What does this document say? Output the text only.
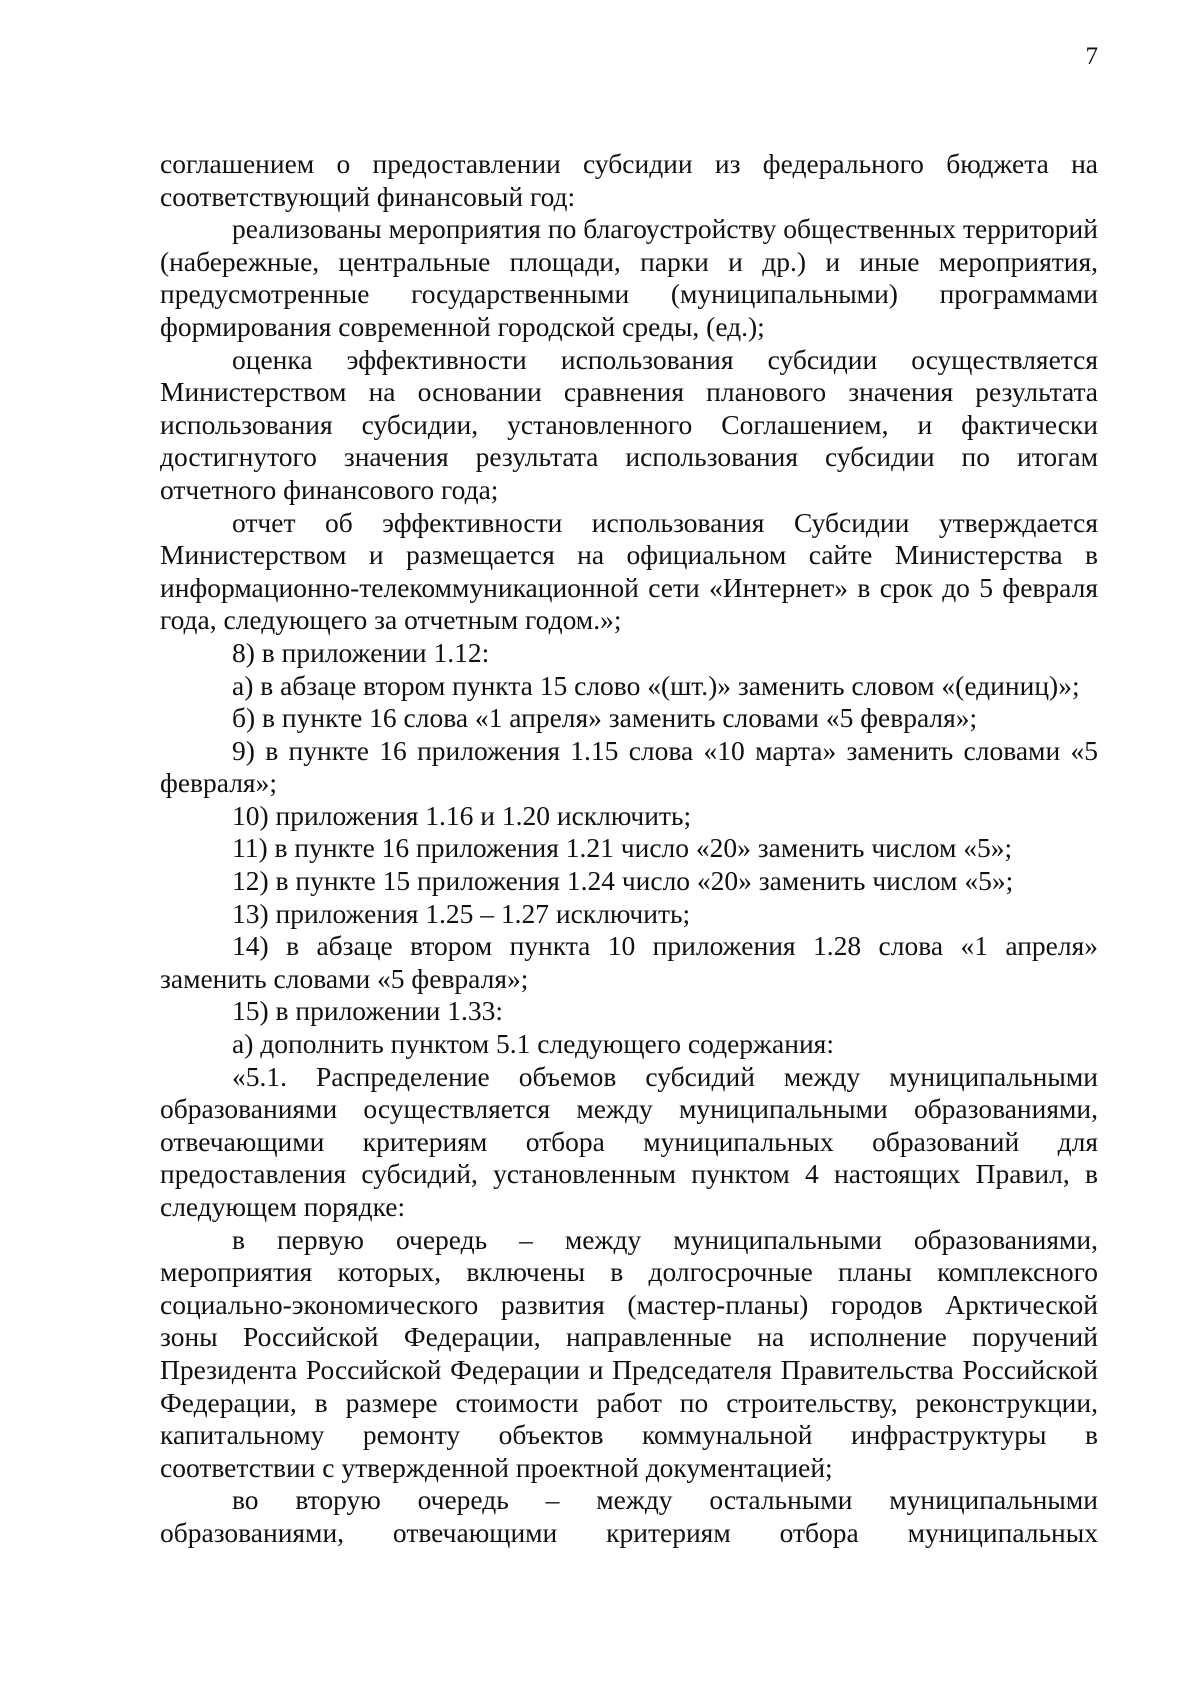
7

соглашением о предоставлении субсидии из федерального бюджета на соответствующий финансовый год:

реализованы мероприятия по благоустройству общественных территорий (набережные, центральные площади, парки и др.) и иные мероприятия, предусмотренные государственными (муниципальными) программами формирования современной городской среды, (ед.);

оценка эффективности использования субсидии осуществляется Министерством на основании сравнения планового значения результата использования субсидии, установленного Соглашением, и фактически достигнутого значения результата использования субсидии по итогам отчетного финансового года;

отчет об эффективности использования Субсидии утверждается Министерством и размещается на официальном сайте Министерства в информационно-телекоммуникационной сети «Интернет» в срок до 5 февраля года, следующего за отчетным годом.»;

8) в приложении 1.12:

а) в абзаце втором пункта 15 слово «(шт.)» заменить словом «(единиц)»;

б) в пункте 16 слова «1 апреля» заменить словами «5 февраля»;

9) в пункте 16 приложения 1.15 слова «10 марта» заменить словами «5 февраля»;

10) приложения 1.16 и 1.20 исключить;

11) в пункте 16 приложения 1.21 число «20» заменить числом «5»;

12) в пункте 15 приложения 1.24 число «20» заменить числом «5»;

13) приложения 1.25 – 1.27 исключить;

14) в абзаце втором пункта 10 приложения 1.28 слова «1 апреля» заменить словами «5 февраля»;

15) в приложении 1.33:

а) дополнить пунктом 5.1 следующего содержания:

«5.1. Распределение объемов субсидий между муниципальными образованиями осуществляется между муниципальными образованиями, отвечающими критериям отбора муниципальных образований для предоставления субсидий, установленным пунктом 4 настоящих Правил, в следующем порядке:

в первую очередь – между муниципальными образованиями, мероприятия которых, включены в долгосрочные планы комплексного социально-экономического развития (мастер-планы) городов Арктической зоны Российской Федерации, направленные на исполнение поручений Президента Российской Федерации и Председателя Правительства Российской Федерации, в размере стоимости работ по строительству, реконструкции, капитальному ремонту объектов коммунальной инфраструктуры в соответствии с утвержденной проектной документацией;

во вторую очередь – между остальными муниципальными образованиями, отвечающими критериям отбора муниципальных
